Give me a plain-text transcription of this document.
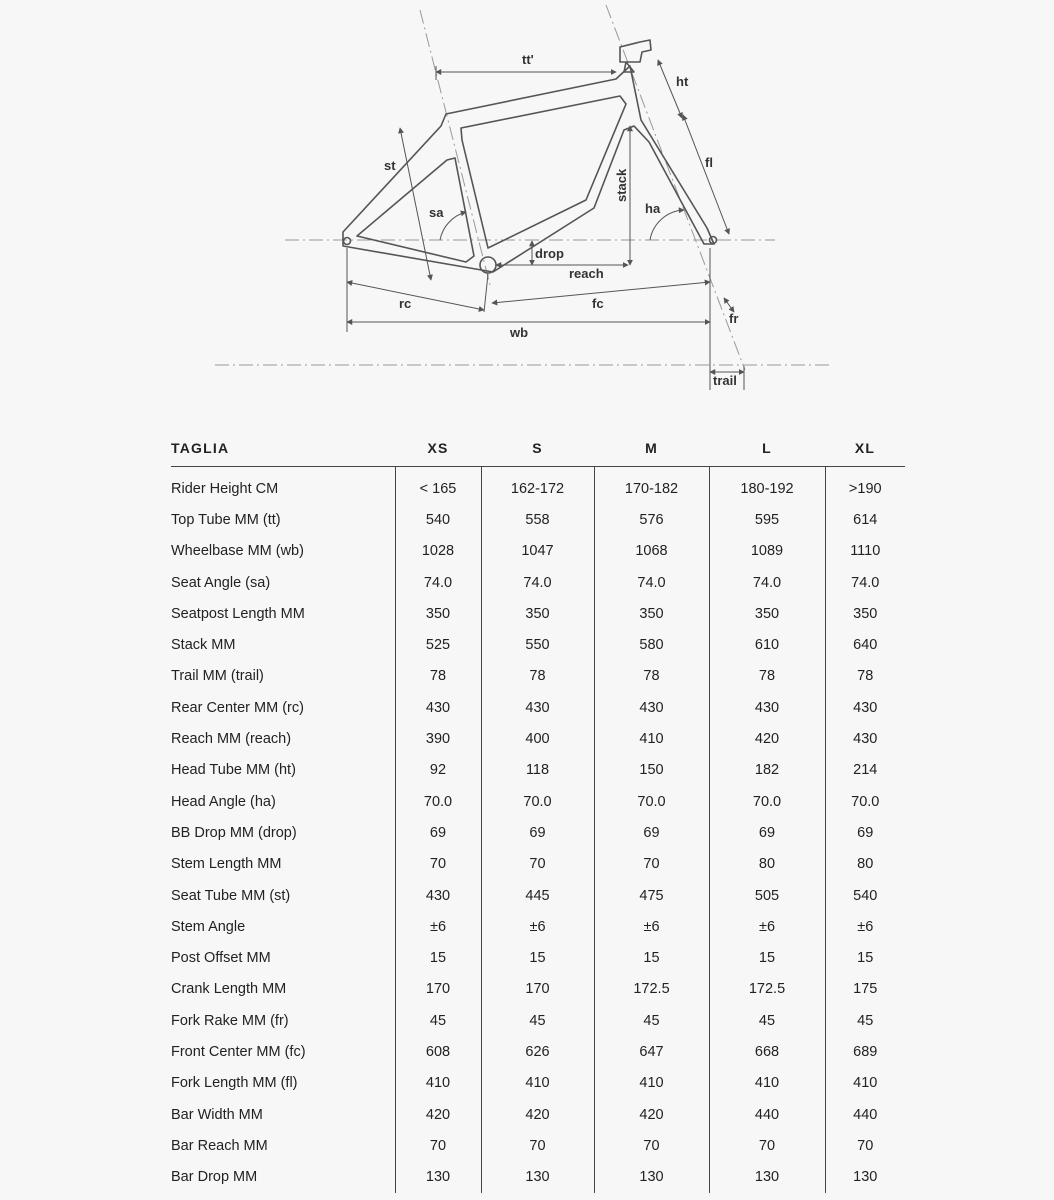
tt'
ht
fl
st
sa
stack
ha
drop
reach
rc	fc
wb
fr
trail
TAGLIA	XS	S	M	L	XL
Rider Height CM	< 165	162-172	170-182	180-192	>190
Top Tube MM (tt)	540	558	576	595	614
Wheelbase MM (wb)	1028	1047	1068	1089	1110
Seat Angle (sa)	74.0	74.0	74.0	74.0	74.0
Seatpost Length MM	350	350	350	350	350
Stack MM	525	550	580	610	640
Trail MM (trail)	78	78	78	78	78
Rear Center MM (rc)	430	430	430	430	430
Reach MM (reach)	390	400	410	420	430
Head Tube MM (ht)	92	118	150	182	214
Head Angle (ha)	70.0	70.0	70.0	70.0	70.0
BB Drop MM (drop)	69	69	69	69	69
Stem Length MM	70	70	70	80	80
Seat Tube MM (st)	430	445	475	505	540
Stem Angle	±6	±6	±6	±6	±6
Post Offset MM	15	15	15	15	15
Crank Length MM	170	170	172.5	172.5	175
Fork Rake MM (fr)	45	45	45	45	45
Front Center MM (fc)	608	626	647	668	689
Fork Length MM (fl)	410	410	410	410	410
Bar Width MM	420	420	420	440	440
Bar Reach MM	70	70	70	70	70
Bar Drop MM	130	130	130	130	130
